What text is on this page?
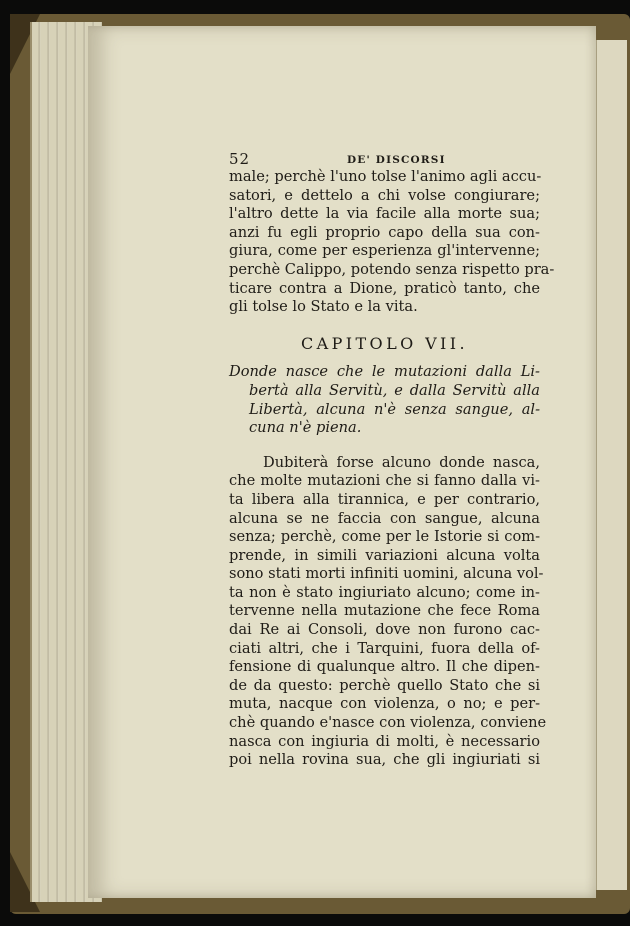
52	DE' DISCORSI
male; perchè l'uno tolse l'animo agli accu-
satori, e dettelo a chi volse congiurare;
l'altro dette la via facile alla morte sua;
anzi fu egli proprio capo della sua con-
giura, come per esperienza gl'intervenne;
perchè Calippo, potendo senza rispetto pra-
ticare contra a Dione, praticò tanto, che
gli tolse lo Stato e la vita.
CAPITOLO VII.
Donde nasce che le mutazioni dalla Li-
bertà alla Servitù, e dalla Servitù alla
Libertà, alcuna n'è senza sangue, al-
cuna n'è piena.
Dubiterà forse alcuno donde nasca,
che molte mutazioni che si fanno dalla vi-
ta libera alla tirannica, e per contrario,
alcuna se ne faccia con sangue, alcuna
senza; perchè, come per le Istorie si com-
prende, in simili variazioni alcuna volta
sono stati morti infiniti uomini, alcuna vol-
ta non è stato ingiuriato alcuno; come in-
tervenne nella mutazione che fece Roma
dai Re ai Consoli, dove non furono cac-
ciati altri, che i Tarquini, fuora della of-
fensione di qualunque altro. Il che dipen-
de da questo: perchè quello Stato che si
muta, nacque con violenza, o no; e per-
chè quando e'nasce con violenza, conviene
nasca con ingiuria di molti, è necessario
poi nella rovina sua, che gli ingiuriati si
